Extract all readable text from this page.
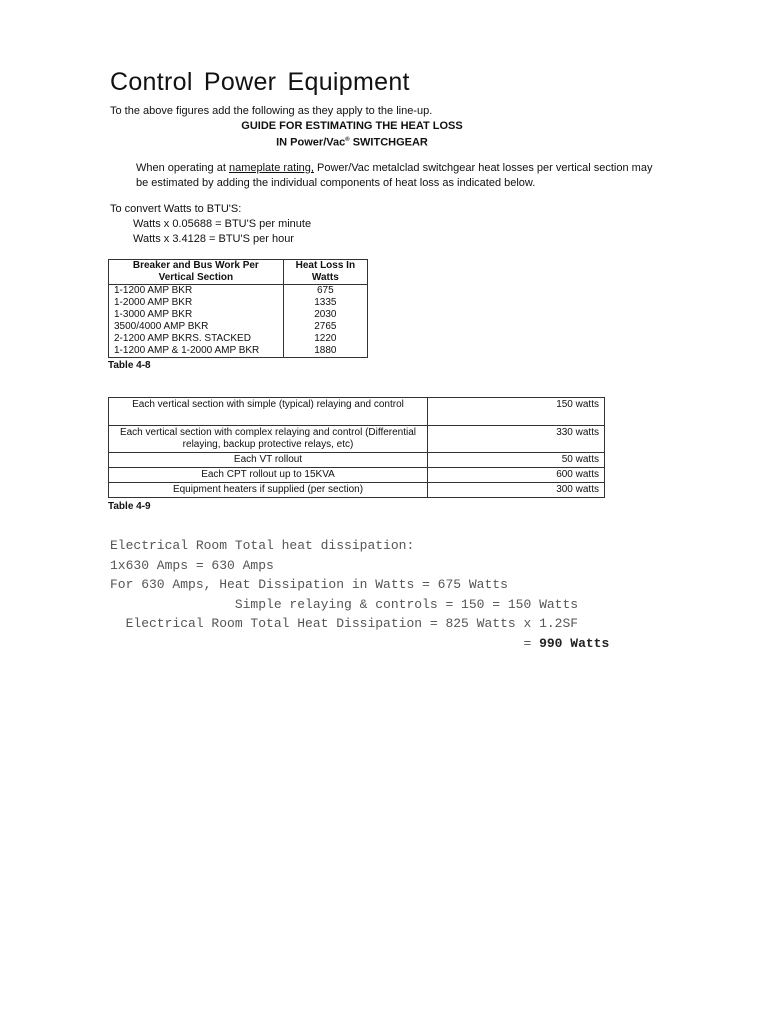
Control Power Equipment

To the above figures add the following as they apply to the line-up.

GUIDE FOR ESTIMATING THE HEAT LOSS
IN Power/Vac® SWITCHGEAR

When operating at nameplate rating, Power/Vac metalclad switchgear heat losses per vertical section may be estimated by adding the individual components of heat loss as indicated below.

To convert Watts to BTU'S:
Watts x 0.05688 = BTU'S per minute
Watts x 3.4128 = BTU'S per hour
Breaker and Bus Work Per Vertical Section	Heat Loss In Watts
1-1200 AMP BKR	675
1-2000 AMP BKR	1335
1-3000 AMP BKR	2030
3500/4000 AMP BKR	2765
2-1200 AMP BKRS. STACKED	1220
1-1200 AMP & 1-2000 AMP BKR	1880
Table 4-8
Each vertical section with simple (typical) relaying and control	150 watts
Each vertical section with complex relaying and control (Differential relaying, backup protective relays, etc)	330 watts
Each VT rollout	50 watts
Each CPT rollout up to 15KVA	600 watts
Equipment heaters if supplied (per section)	300 watts
Table 4-9
Electrical Room Total heat dissipation:
1x630 Amps = 630 Amps
For 630 Amps, Heat Dissipation in Watts = 675 Watts
Simple relaying & controls = 150 = 150 Watts
Electrical Room Total Heat Dissipation = 825 Watts x 1.2SF
= 990 Watts
